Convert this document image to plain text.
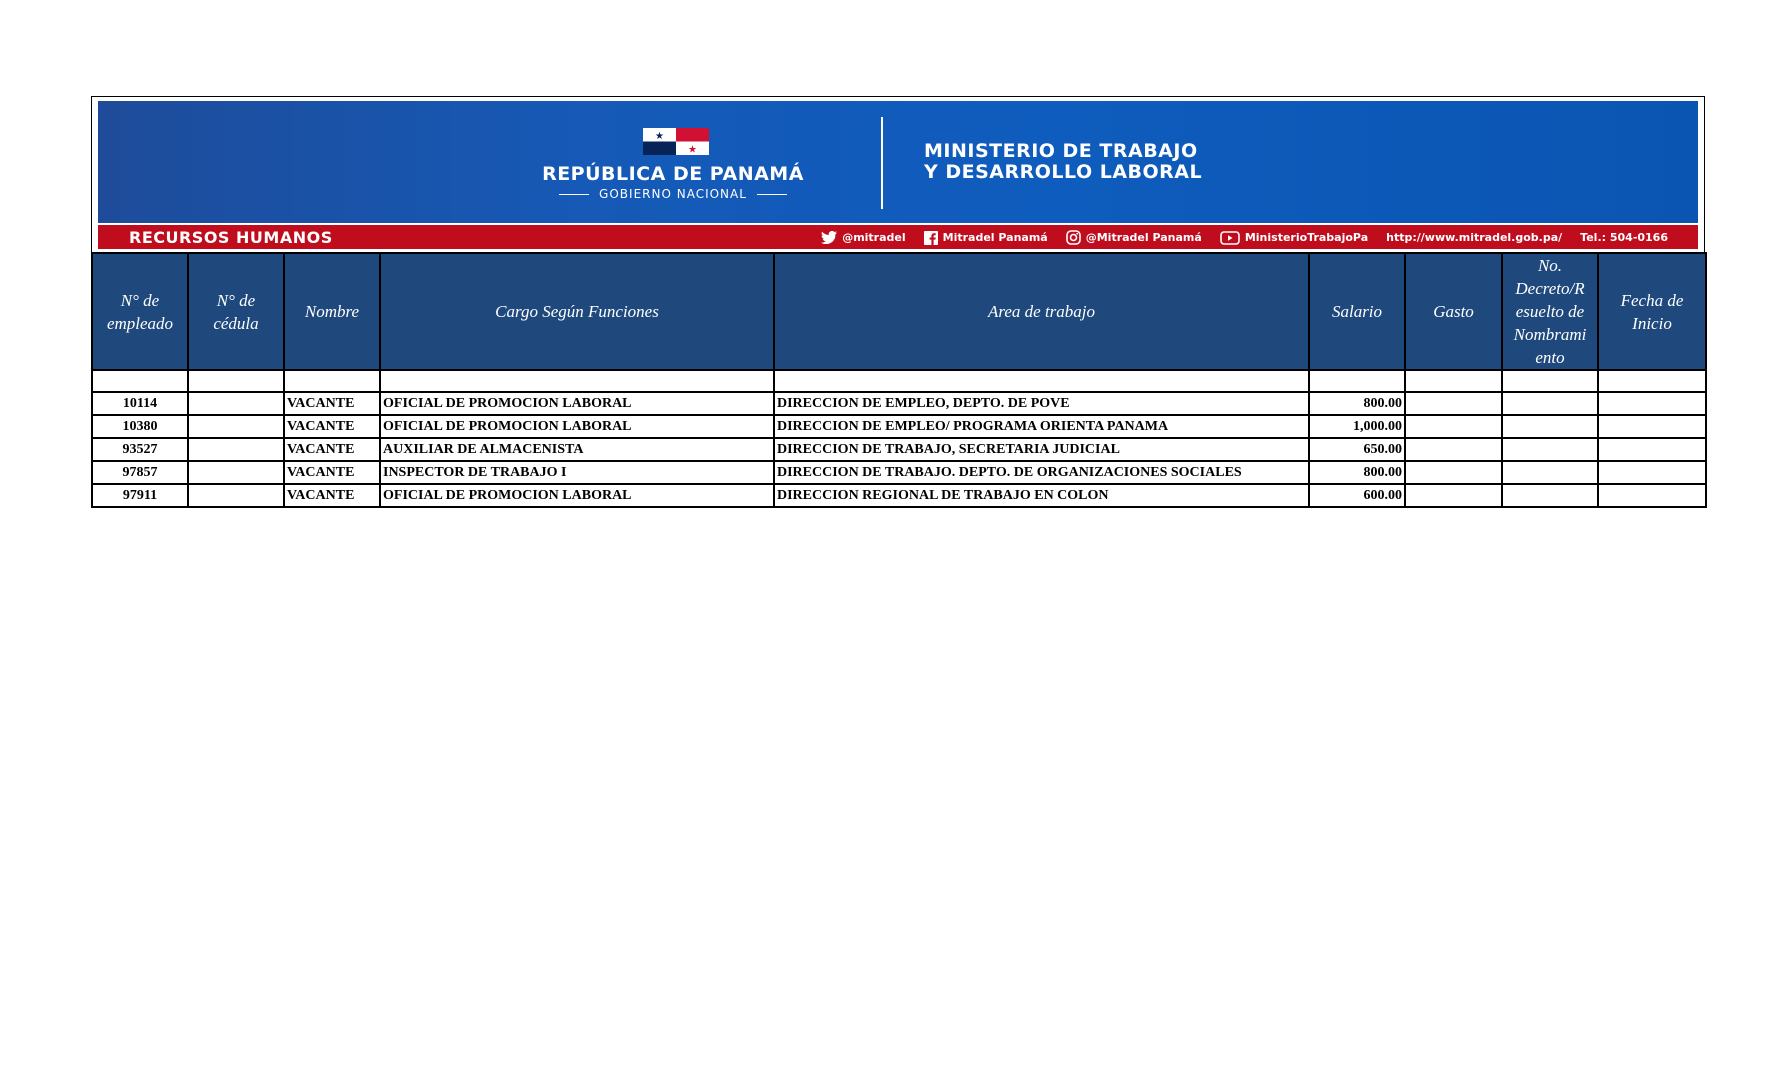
★
★
REPÚBLICA DE PANAMÁ
GOBIERNO NACIONAL
MINISTERIO DE TRABAJO
Y DESARROLLO LABORAL
RECURSOS HUMANOS	@mitradel	Mitradel Panamá	@Mitradel Panamá	MinisterioTrabajoPa http://www.mitradel.gob.pa/ Tel.: 504-0166
N° de empleado	N° de cédula	Nombre	Cargo Según Funciones	Area de trabajo	Salario	Gasto	No. Decreto/R esuelto de Nombrami ento	Fecha de Inicio

10114		VACANTE	OFICIAL DE PROMOCION LABORAL	DIRECCION DE EMPLEO, DEPTO. DE POVE	800.00			
10380		VACANTE	OFICIAL DE PROMOCION LABORAL	DIRECCION DE EMPLEO/ PROGRAMA ORIENTA PANAMA	1,000.00			
93527		VACANTE	AUXILIAR DE ALMACENISTA	DIRECCION DE TRABAJO, SECRETARIA JUDICIAL	650.00			
97857		VACANTE	INSPECTOR DE TRABAJO I	DIRECCION DE TRABAJO. DEPTO. DE ORGANIZACIONES SOCIALES	800.00			
97911		VACANTE	OFICIAL DE PROMOCION LABORAL	DIRECCION REGIONAL DE TRABAJO EN COLON	600.00			
